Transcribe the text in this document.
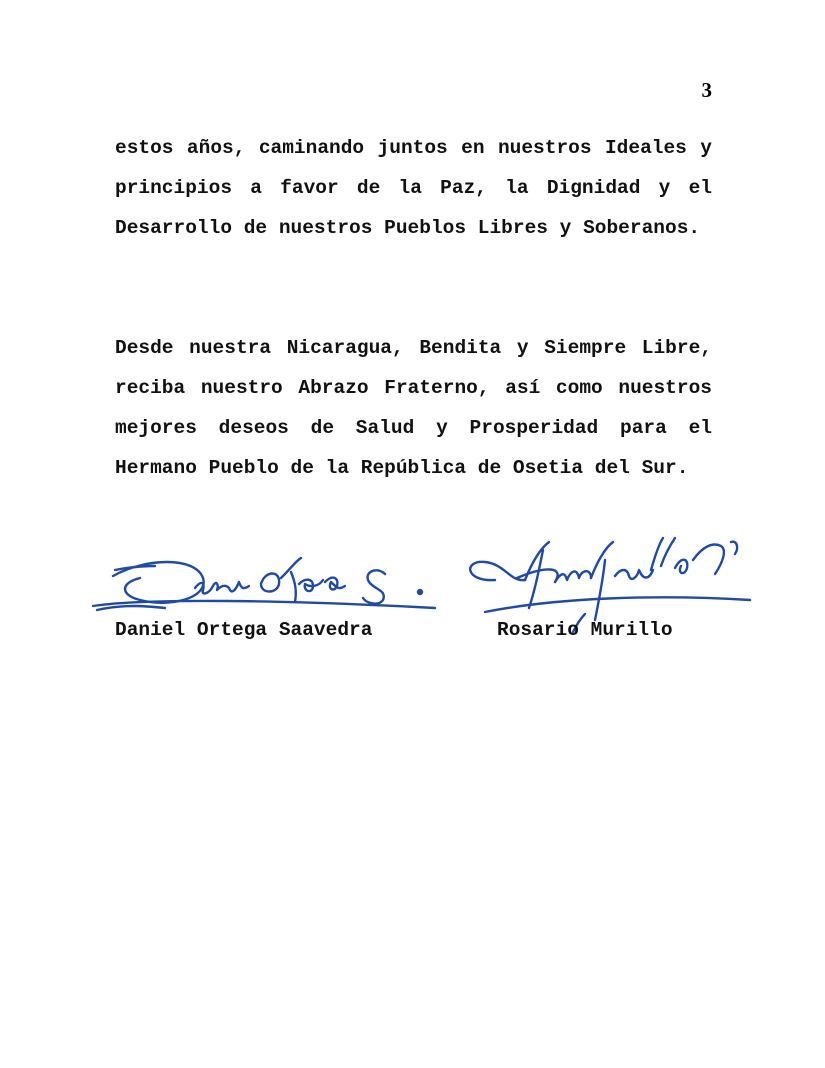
3

estos años, caminando juntos en nuestros Ideales y principios a favor de la Paz, la Dignidad y el Desarrollo de nuestros Pueblos Libres y Soberanos.

Desde nuestra Nicaragua, Bendita y Siempre Libre, reciba nuestro Abrazo Fraterno, así como nuestros mejores deseos de Salud y Prosperidad para el Hermano Pueblo de la República de Osetia del Sur.

Daniel Ortega Saavedra	Rosario Murillo
